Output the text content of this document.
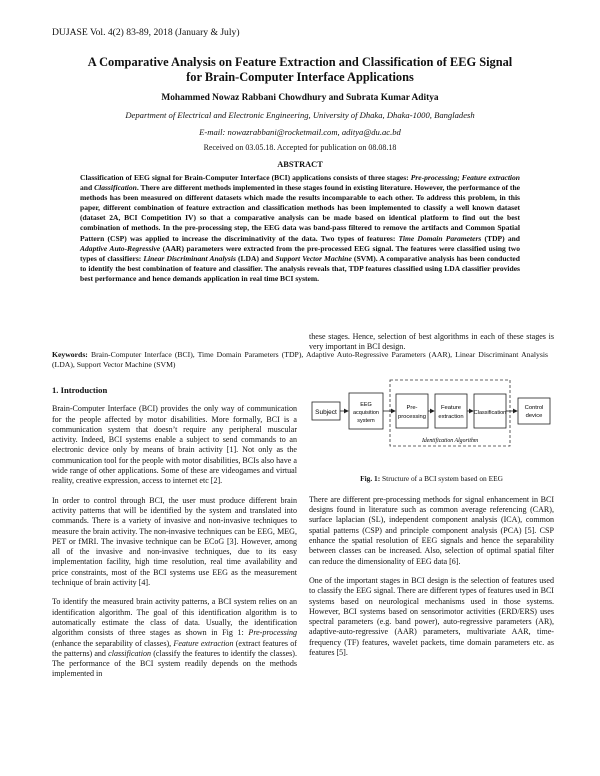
DUJASE Vol. 4(2) 83-89, 2018 (January & July)
A Comparative Analysis on Feature Extraction and Classification of EEG Signal
for Brain-Computer Interface Applications
Mohammed Nowaz Rabbani Chowdhury and Subrata Kumar Aditya
Department of Electrical and Electronic Engineering, University of Dhaka, Dhaka-1000, Bangladesh
E-mail: nowazrabbani@rocketmail.com, aditya@du.ac.bd
Received on 03.05.18. Accepted for publication on 08.08.18
ABSTRACT
Classification of EEG signal for Brain-Computer Interface (BCI) applications consists of three stages: Pre-processing; Feature extraction and Classification. There are different methods implemented in these stages found in existing literature. However, the performance of the methods has been measured on different datasets which made the results incomparable to each other. To address this problem, in this paper, different combination of feature extraction and classification methods has been implemented to classify a well known dataset (dataset 2A, BCI Competition IV) so that a comparative analysis can be made based on identical platform to find out the best combination of methods. In the pre-processing step, the EEG data was band-pass filtered to remove the artifacts and Common Spatial Pattern (CSP) was applied to increase the discriminativity of the data. Two types of features: Time Domain Parameters (TDP) and Adaptive Auto-Regressive (AAR) parameters were extracted from the pre-processed EEG signal. The features were classified using two types of classifiers: Linear Discriminant Analysis (LDA) and Support Vector Machine (SVM). A comparative analysis has been conducted to identify the best combination of feature and classifier. The analysis reveals that, TDP features classified using LDA classifier provides best performance and hence demands application in real time BCI system.
Keywords: Brain-Computer Interface (BCI), Time Domain Parameters (TDP), Adaptive Auto-Regressive Parameters (AAR), Linear Discriminant Analysis (LDA), Support Vector Machine (SVM)
1. Introduction
Brain-Computer Interface (BCI) provides the only way of communication for the people affected by motor disabilities. More formally, BCI is a communication system that doesn’t require any peripheral muscular activity. Indeed, BCI systems enable a subject to send commands to an electronic device only by means of brain activity [1]. Not only as the communication tool for the people with motor disabilities, BCIs also have a wide range of other applications. Some of these are videogames and virtual reality, creative expression, access to internet etc [2].
In order to control through BCI, the user must produce different brain activity patterns that will be identified by the system and translated into commands. There is a variety of invasive and non-invasive techniques to measure the brain activity. The non-invasive techniques can be EEG, MEG, PET or fMRI. The invasive technique can be ECoG [3]. However, among all of the invasive and non-invasive techniques, due to its easy implementation facility, high time resolution, real time availability and price constraints, most of the BCI systems use EEG as the measurement technique of brain activity [4].
To identify the measured brain activity patterns, a BCI system relies on an identification algorithm. The goal of this identification algorithm is to automatically estimate the class of data. Usually, the identification algorithm consists of three stages as shown in Fig 1: Pre-processing (enhance the separability of classes), Feature extraction (extract features of the patterns) and classification (classify the features to identify the classes). The performance of the BCI system readily depends on the methods implemented in
these stages. Hence, selection of best algorithms in each of these stages is very important in BCI design.
Subject
EEG
acquisition
system
Pre-
processing
Feature
extraction
Classification
Control
device
Identification Algorithm
Fig. 1: Structure of a BCI system based on EEG
There are different pre-processing methods for signal enhancement in BCI designs found in literature such as common average referencing (CAR), surface laplacian (SL), independent component analysis (ICA), common spatial patterns (CSP) and principle component analysis (PCA) [5]. CSP enhance the spatial resolution of EEG signals and hence the separability between classes can be increased. Also, selection of optimal spatial filter can reduce the dimensionality of EEG data [6].
One of the important stages in BCI design is the selection of features used to classify the EEG signal. There are different types of features used in BCI systems based on neurological mechanisms used in those systems. However, BCI systems based on sensorimotor activities (ERD/ERS) uses spectral parameters (e.g. band power), auto-regressive parameters (AR), adaptive-auto-regressive (AAR) parameters, multivariate AAR, time-frequency (TF) features, wavelet packets, time domain parameters etc. as features [5].
